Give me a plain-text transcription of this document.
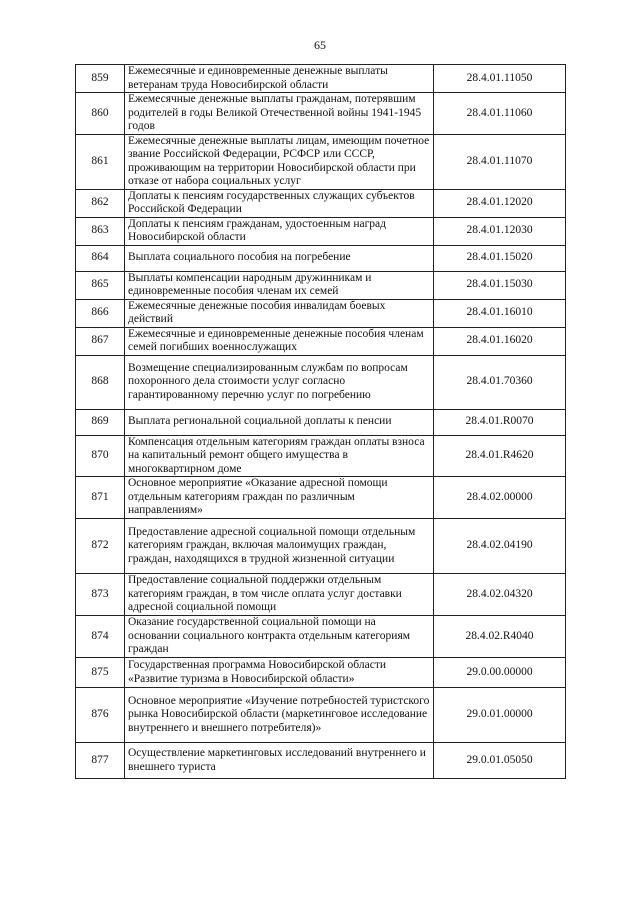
65
859	Ежемесячные и единовременные денежные выплаты ветеранам труда Новосибирской области	28.4.01.11050
860	Ежемесячные денежные выплаты гражданам, потерявшим родителей в годы Великой Отечественной войны 1941-1945 годов	28.4.01.11060
861	Ежемесячные денежные выплаты лицам, имеющим почетное звание Российской Федерации, РСФСР или СССР, проживающим на территории Новосибирской области при отказе от набора социальных услуг	28.4.01.11070
862	Доплаты к пенсиям государственных служащих субъектов Российской Федерации	28.4.01.12020
863	Доплаты к пенсиям гражданам, удостоенным наград Новосибирской области	28.4.01.12030
864	Выплата социального пособия на погребение	28.4.01.15020
865	Выплаты компенсации народным дружинникам и единовременные пособия членам их семей	28.4.01.15030
866	Ежемесячные денежные пособия инвалидам боевых действий	28.4.01.16010
867	Ежемесячные и единовременные денежные пособия членам семей погибших военнослужащих	28.4.01.16020
868	Возмещение специализированным службам по вопросам похоронного дела стоимости услуг согласно гарантированному перечню услуг по погребению	28.4.01.70360
869	Выплата региональной социальной доплаты к пенсии	28.4.01.R0070
870	Компенсация отдельным категориям граждан оплаты взноса на капитальный ремонт общего имущества в многоквартирном доме	28.4.01.R4620
871	Основное мероприятие «Оказание адресной помощи отдельным категориям граждан по различным направлениям»	28.4.02.00000
872	Предоставление адресной социальной помощи отдельным категориям граждан, включая малоимущих граждан, граждан, находящихся в трудной жизненной ситуации	28.4.02.04190
873	Предоставление социальной поддержки отдельным категориям граждан, в том числе оплата услуг доставки адресной социальной помощи	28.4.02.04320
874	Оказание государственной социальной помощи на основании социального контракта отдельным категориям граждан	28.4.02.R4040
875	Государственная программа Новосибирской области «Развитие туризма в Новосибирской области»	29.0.00.00000
876	Основное мероприятие «Изучение потребностей туристского рынка Новосибирской области (маркетинговое исследование внутреннего и внешнего потребителя)»	29.0.01.00000
877	Осуществление маркетинговых исследований внутреннего и внешнего туриста	29.0.01.05050
